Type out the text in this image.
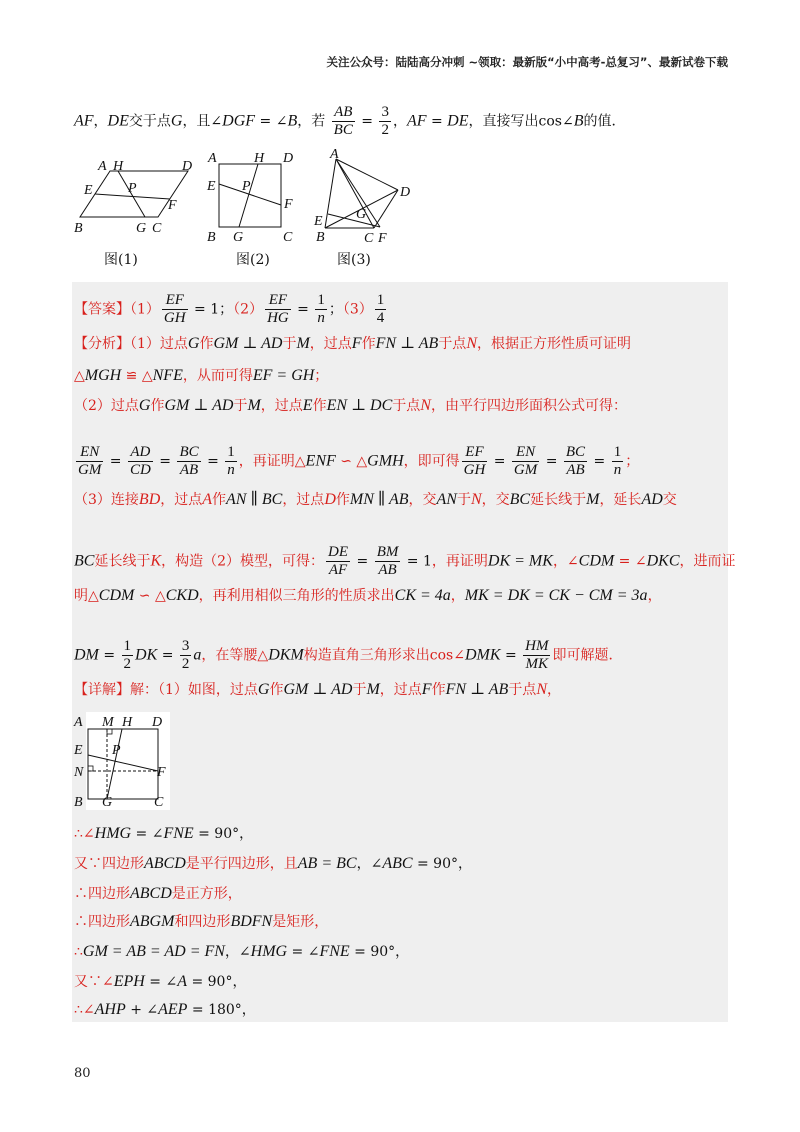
关注公众号：陆陆高分冲刺 ~领取：最新版“小中高考-总复习”、最新试卷下载
AF，DE交于点G，且∠DGF = ∠B，若 $\frac{AB}{BC} = \frac{3}{2}$ ，AF = DE，直接写出cos∠B的值．
A H	D
E	P
F
B	G C
图(1)
A	H D
E P
F
B G	C
图(2)
A
D
G
E
B	C F
图(3)
【答案】$(1) \frac{EF}{GH} = 1$；$(2) \frac{EF}{HG} = \frac{1}{n}$ ；$(3) \frac{1}{4}$
【分析】（1）过点G作GM ⊥ AD于M，过点F作FN ⊥ AB于点N，根据正方形性质可证明
△MGH ≌ △NFE，从而可得EF = GH；
（2）过点G作GM ⊥ AD于M，过点E作EN ⊥ DC于点N，由平行四边形面积公式可得：
$\frac{EN}{GM} = \frac{AD}{CD} = \frac{BC}{AB} = \frac{1}{n}$ ，再证明△ENF ∽ △GMH，即可得 $\frac{EF}{GH} = \frac{EN}{GM} = \frac{BC}{AB} = \frac{1}{n}$ ；
（3）连接BD，过点A作AN ∥ BC，过点D作MN ∥ AB，交AN于N，交BC延长线于M，延长AD交
BC延长线于K，构造（2）模型，可得： $\frac{DE}{AF} = \frac{BM}{AB} = 1$，再证明DK = MK，∠CDM = ∠DKC，进而证
明△CDM ∽ △CKD，再利用相似三角形的性质求出CK = 4a，MK = DK = CK − CM = 3a，
DM = $\frac{1}{2}$ DK = $\frac{3}{2}$ a，在等腰△DKM构造直角三角形求出cos∠DMK = $\frac{HM}{MK}$ 即可解题．
【详解】解：（1）如图，过点G作GM ⊥ AD于M，过点F作FN ⊥ AB于点N，
A M H D
E P
N	F
B G	C
∴∠HMG = ∠FNE = 90°，
又∵四边形ABCD是平行四边形，且AB = BC，∠ABC = 90°，
∴四边形ABCD是正方形，
∴四边形ABGM和四边形BDFN是矩形，
∴GM = AB = AD = FN，∠HMG = ∠FNE = 90°，
又∵∠EPH = ∠A = 90°，
∴∠AHP + ∠AEP = 180°，
80
